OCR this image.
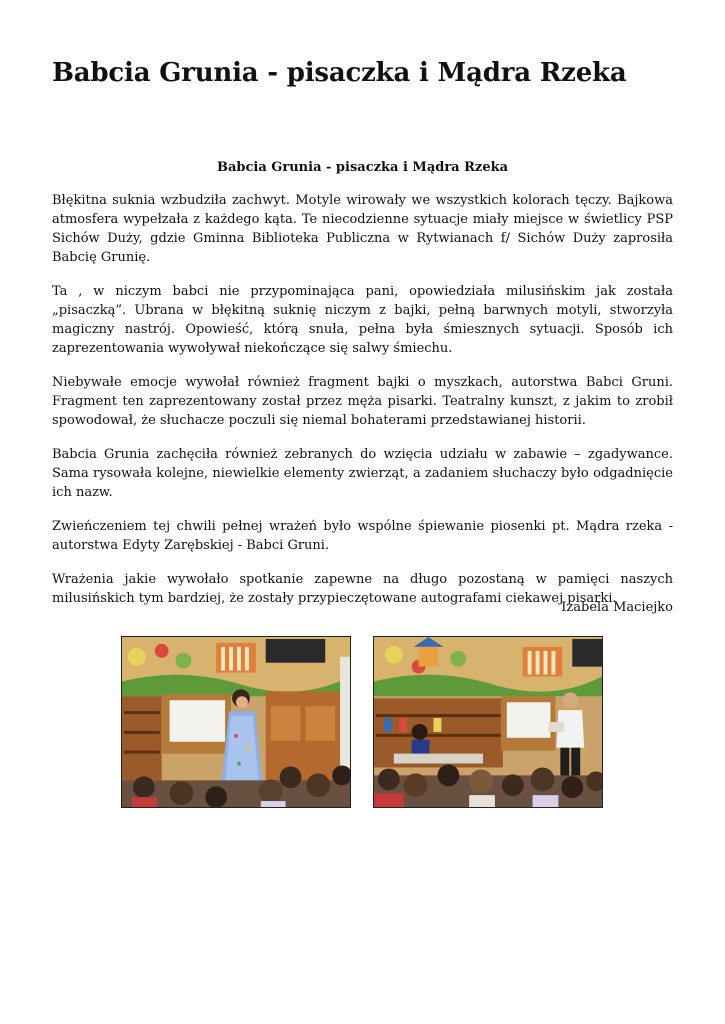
Babcia Grunia - pisaczka i Mądra Rzeka
Babcia Grunia - pisaczka i Mądra Rzeka

Błękitna suknia wzbudziła zachwyt. Motyle wirowały we wszystkich kolorach tęczy. Bajkowa atmosfera wypełzała z każdego kąta. Te niecodzienne sytuacje miały miejsce w świetlicy PSP Sichów Duży, gdzie Gminna Biblioteka Publiczna w Rytwianach f/ Sichów Duży zaprosiła Babcię Grunię.

Ta , w niczym babci nie przypominająca pani, opowiedziała milusińskim jak została „pisaczką”. Ubrana w błękitną suknię niczym z bajki, pełną barwnych motyli, stworzyła magiczny nastrój. Opowieść, którą snuła, pełna była śmiesznych sytuacji. Sposób ich zaprezentowania wywoływał niekończące się salwy śmiechu.

Niebywałe emocje wywołał również fragment bajki o myszkach, autorstwa Babci Gruni. Fragment ten zaprezentowany został przez męża pisarki. Teatralny kunszt, z jakim to zrobił spowodował, że słuchacze poczuli się niemal bohaterami przedstawianej historii.

Babcia Grunia zachęciła również zebranych do wzięcia udziału w zabawie – zgadywance. Sama rysowała kolejne, niewielkie elementy zwierząt, a zadaniem słuchaczy było odgadnięcie ich nazw.

Zwieńczeniem tej chwili pełnej wrażeń było wspólne śpiewanie piosenki pt. Mądra rzeka - autorstwa Edyty Zarębskiej - Babci Gruni.

Wrażenia jakie wywołało spotkanie zapewne na długo pozostaną w pamięci naszych milusińskich tym bardziej, że zostały przypieczętowane autografami ciekawej pisarki.

Izabela Maciejko
